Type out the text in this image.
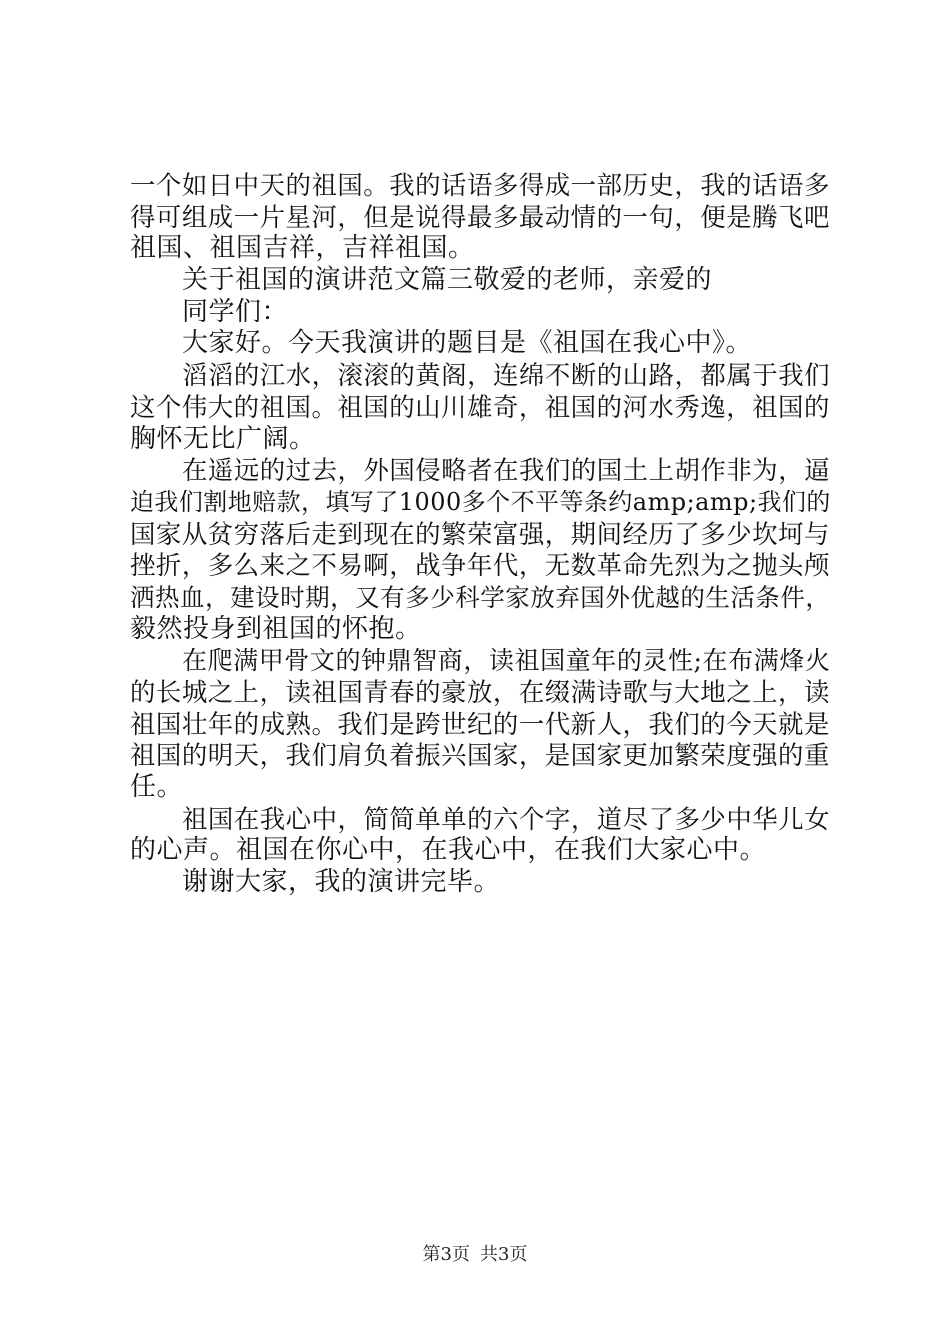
一个如日中天的祖国。我的话语多得成一部历史，我的话语多
得可组成一片星河，但是说得最多最动情的一句，便是腾飞吧
祖国、祖国吉祥，吉祥祖国。
关于祖国的演讲范文篇三敬爱的老师，亲爱的
同学们：
大家好。今天我演讲的题目是《祖国在我心中》。
滔滔的江水，滚滚的黄阁，连绵不断的山路，都属于我们
这个伟大的祖国。祖国的山川雄奇，祖国的河水秀逸，祖国的
胸怀无比广阔。
在遥远的过去，外国侵略者在我们的国土上胡作非为，逼
迫我们割地赔款，填写了1000多个不平等条约amp;amp;我们的
国家从贫穷落后走到现在的繁荣富强，期间经历了多少坎坷与
挫折，多么来之不易啊，战争年代，无数革命先烈为之抛头颅
洒热血，建设时期，又有多少科学家放弃国外优越的生活条件，
毅然投身到祖国的怀抱。
在爬满甲骨文的钟鼎智商，读祖国童年的灵性;在布满烽火
的长城之上，读祖国青春的豪放，在缀满诗歌与大地之上，读
祖国壮年的成熟。我们是跨世纪的一代新人，我们的今天就是
祖国的明天，我们肩负着振兴国家，是国家更加繁荣度强的重
任。
祖国在我心中，简简单单的六个字，道尽了多少中华儿女
的心声。祖国在你心中，在我心中，在我们大家心中。
谢谢大家，我的演讲完毕。
第3页 共3页
